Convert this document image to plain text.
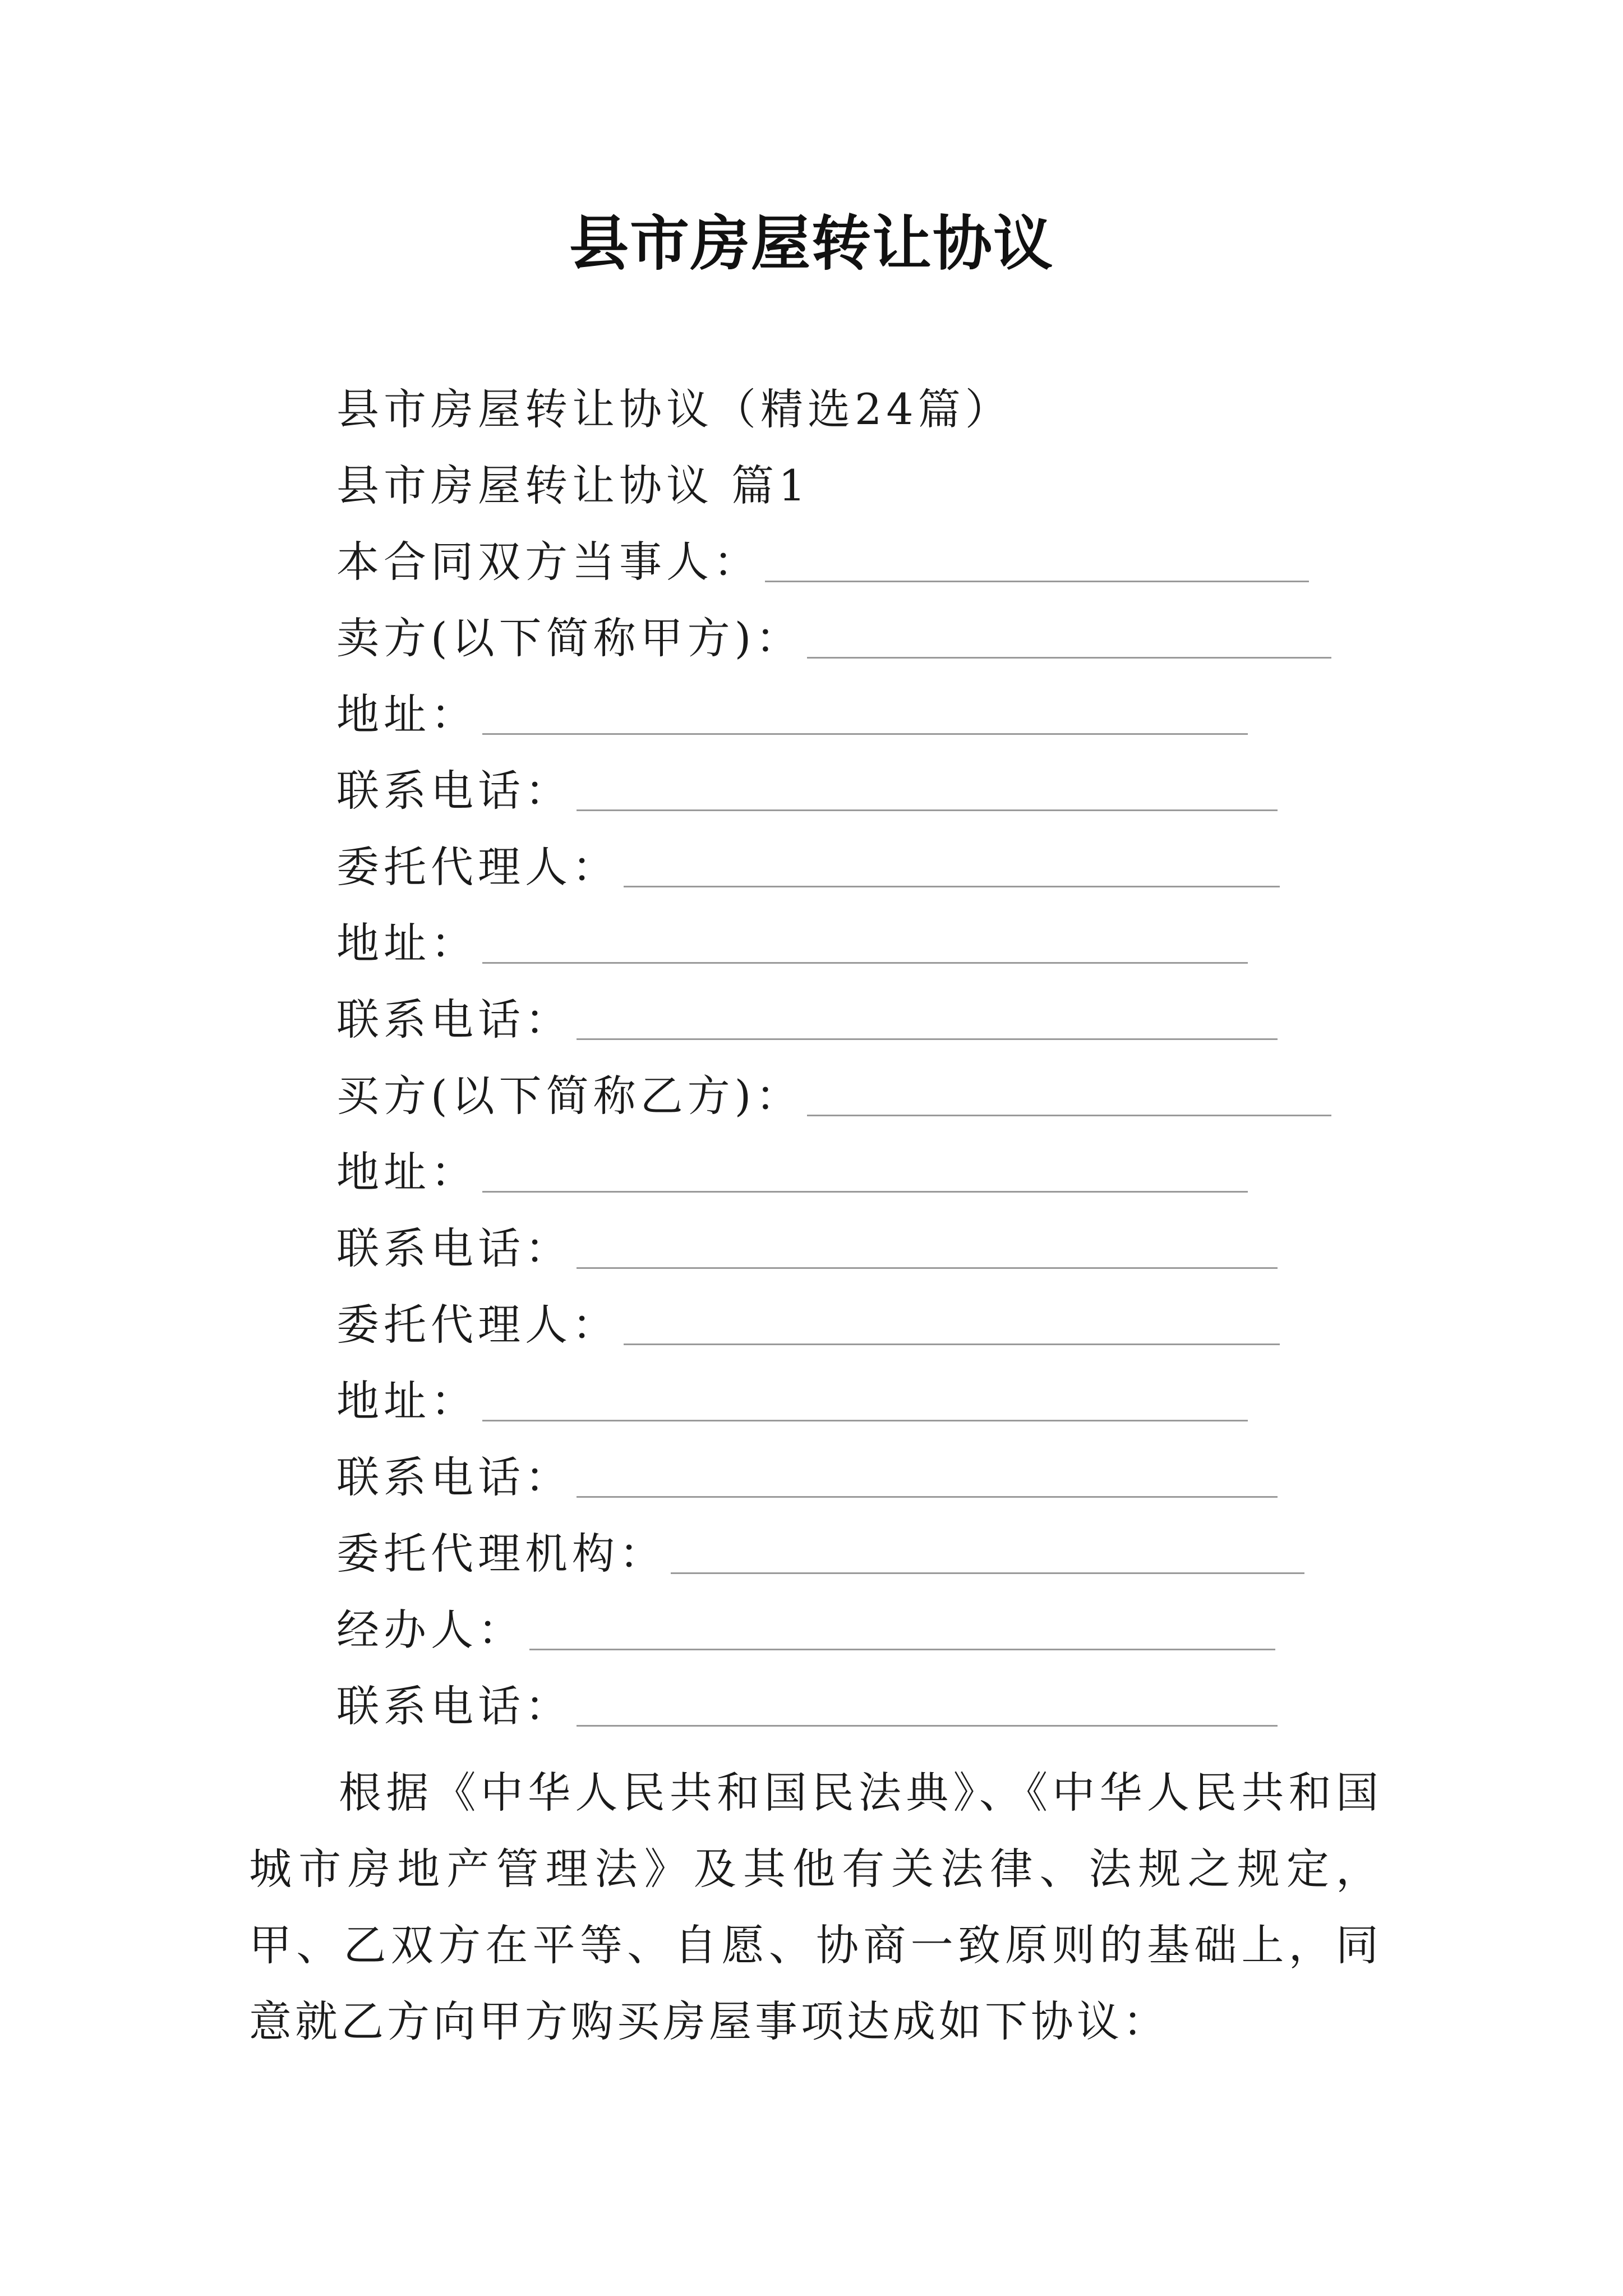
县市房屋转让协议
县市房屋转让协议（精选24篇）
县市房屋转让协议 篇1
本合同双方当事人：
卖方(以下简称甲方)：
地址：
联系电话：
委托代理人：
地址：
联系电话：
买方(以下简称乙方)：
地址：
联系电话：
委托代理人：
地址：
联系电话：
委托代理机构：
经办人：
联系电话：
根据《中华人民共和国民法典》、《中华人民共和国城市房地产管理法》及其他有关法律、法规之规定，甲、乙双方在平等、自愿、协商一致原则的基础上，同意就乙方向甲方购买房屋事项达成如下协议：
